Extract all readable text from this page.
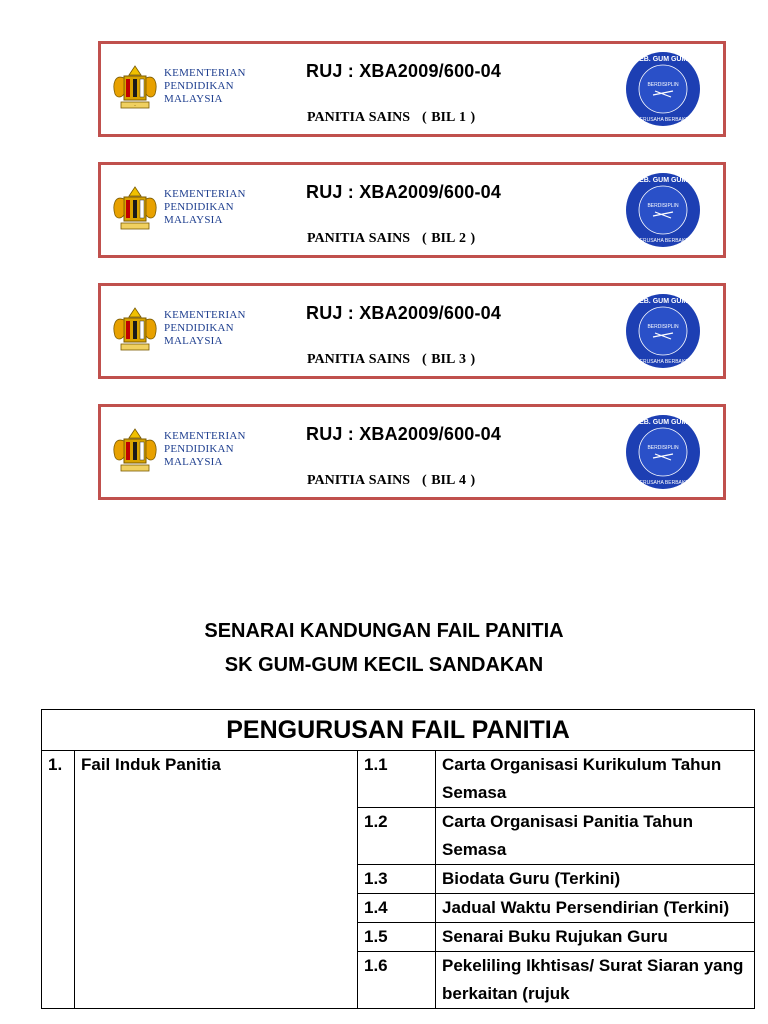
~
KEMENTERIAN
PENDIDIKAN
MALAYSIA
RUJ : XBA2009/600-04
PANITIA SAINS ( BIL 1 )
SEK. KEB. GUM GUM KECIL
BERDISIPLIN
BERUSAHA BERBAKTI
KEMENTERIAN
PENDIDIKAN
MALAYSIA
RUJ : XBA2009/600-04
PANITIA SAINS ( BIL 2 )
SEK. KEB. GUM GUM KECIL
BERDISIPLIN
BERUSAHA BERBAKTI
KEMENTERIAN
PENDIDIKAN
MALAYSIA
RUJ : XBA2009/600-04
PANITIA SAINS ( BIL 3 )
SEK. KEB. GUM GUM KECIL
BERDISIPLIN
BERUSAHA BERBAKTI
KEMENTERIAN
PENDIDIKAN
MALAYSIA
RUJ : XBA2009/600-04
PANITIA SAINS ( BIL 4 )
SEK. KEB. GUM GUM KECIL
BERDISIPLIN
BERUSAHA BERBAKTI
SENARAI KANDUNGAN FAIL PANITIA
SK GUM-GUM KECIL SANDAKAN
PENGURUSAN FAIL PANITIA			
1.	Fail Induk Panitia	1.1	Carta Organisasi Kurikulum Tahun Semasa
		1.2	Carta Organisasi Panitia Tahun Semasa
		1.3	Biodata Guru (Terkini)
		1.4	Jadual Waktu Persendirian (Terkini)
		1.5	Senarai Buku Rujukan Guru
		1.6	Pekeliling Ikhtisas/ Surat Siaran yang berkaitan (rujuk
